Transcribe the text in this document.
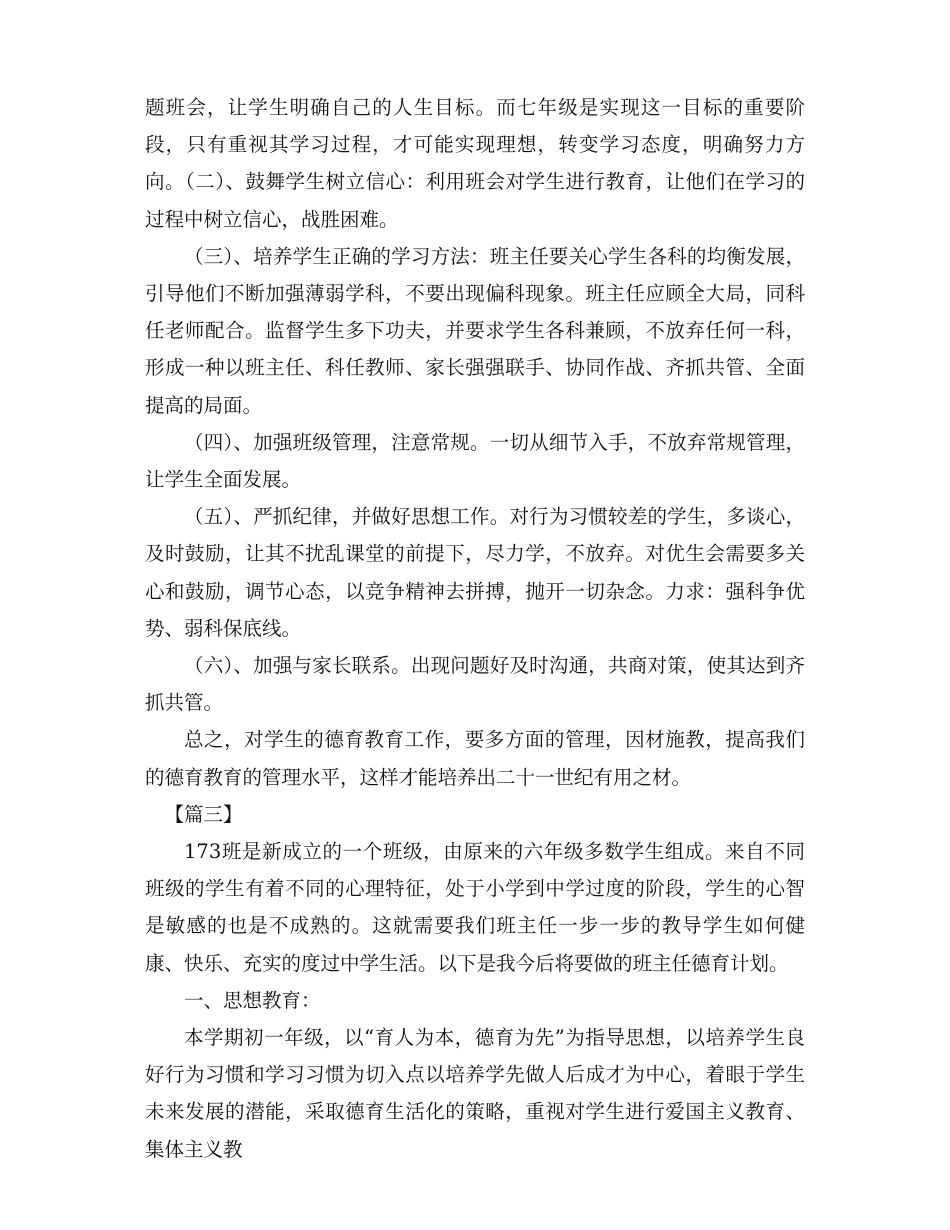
题班会，让学生明确自己的人生目标。而七年级是实现这一目标的重要阶段，只有重视其学习过程，才可能实现理想，转变学习态度，明确努力方向。（二）、鼓舞学生树立信心：利用班会对学生进行教育，让他们在学习的过程中树立信心，战胜困难。

（三）、培养学生正确的学习方法：班主任要关心学生各科的均衡发展，引导他们不断加强薄弱学科，不要出现偏科现象。班主任应顾全大局，同科任老师配合。监督学生多下功夫，并要求学生各科兼顾，不放弃任何一科，形成一种以班主任、科任教师、家长强强联手、协同作战、齐抓共管、全面提高的局面。

（四）、加强班级管理，注意常规。一切从细节入手，不放弃常规管理，让学生全面发展。

（五）、严抓纪律，并做好思想工作。对行为习惯较差的学生，多谈心，及时鼓励，让其不扰乱课堂的前提下，尽力学，不放弃。对优生会需要多关心和鼓励，调节心态，以竞争精神去拼搏，抛开一切杂念。力求：强科争优势、弱科保底线。

（六）、加强与家长联系。出现问题好及时沟通，共商对策，使其达到齐抓共管。

总之，对学生的德育教育工作，要多方面的管理，因材施教，提高我们的德育教育的管理水平，这样才能培养出二十一世纪有用之材。

【篇三】

173班是新成立的一个班级，由原来的六年级多数学生组成。来自不同班级的学生有着不同的心理特征，处于小学到中学过度的阶段，学生的心智是敏感的也是不成熟的。这就需要我们班主任一步一步的教导学生如何健康、快乐、充实的度过中学生活。以下是我今后将要做的班主任德育计划。

一、思想教育：

本学期初一年级，以“育人为本，德育为先”为指导思想，以培养学生良好行为习惯和学习习惯为切入点以培养学先做人后成才为中心，着眼于学生未来发展的潜能，采取德育生活化的策略，重视对学生进行爱国主义教育、集体主义教
